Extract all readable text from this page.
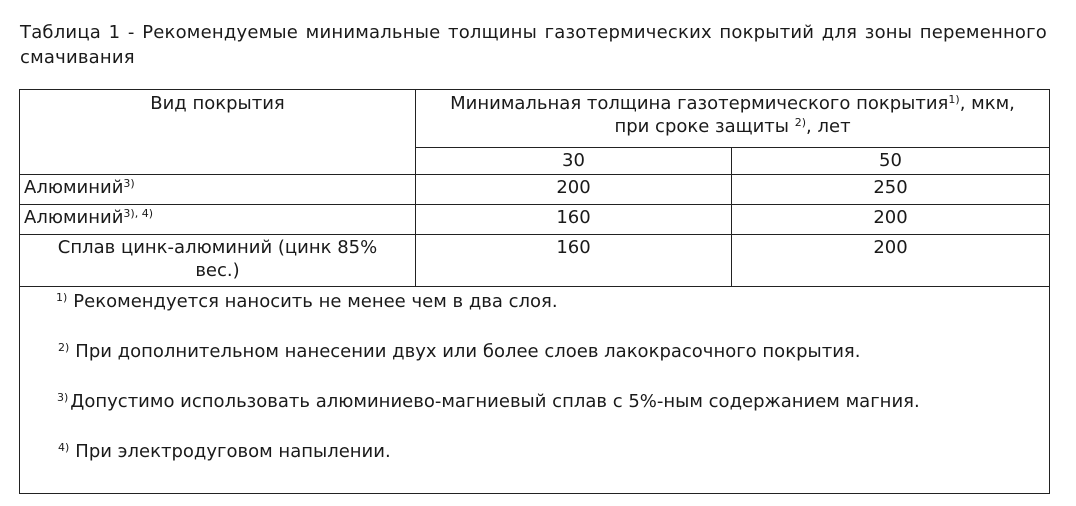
Таблица 1 - Рекомендуемые минимальные толщины газотермических покрытий для зоны переменного смачивания
Вид покрытия	Минимальная толщина газотермического покрытия$^{1)}$, мкм,
при сроке защиты $^{2)}$, лет	

	30	50
Алюминий$^{3)}$	200	250
Алюминий$^{3), 4)}$	160	200
Сплав цинк-алюминий (цинк 85% вес.)	160	200

$^{1)}$ Рекомендуется наносить не менее чем в два слоя.
$^{2)}$ При дополнительном нанесении двух или более слоев лакокрасочного покрытия.
$^{3)}$ Допустимо использовать алюминиево-магниевый сплав с 5%-ным содержанием магния.
$^{4)}$ При электродуговом напылении.		
